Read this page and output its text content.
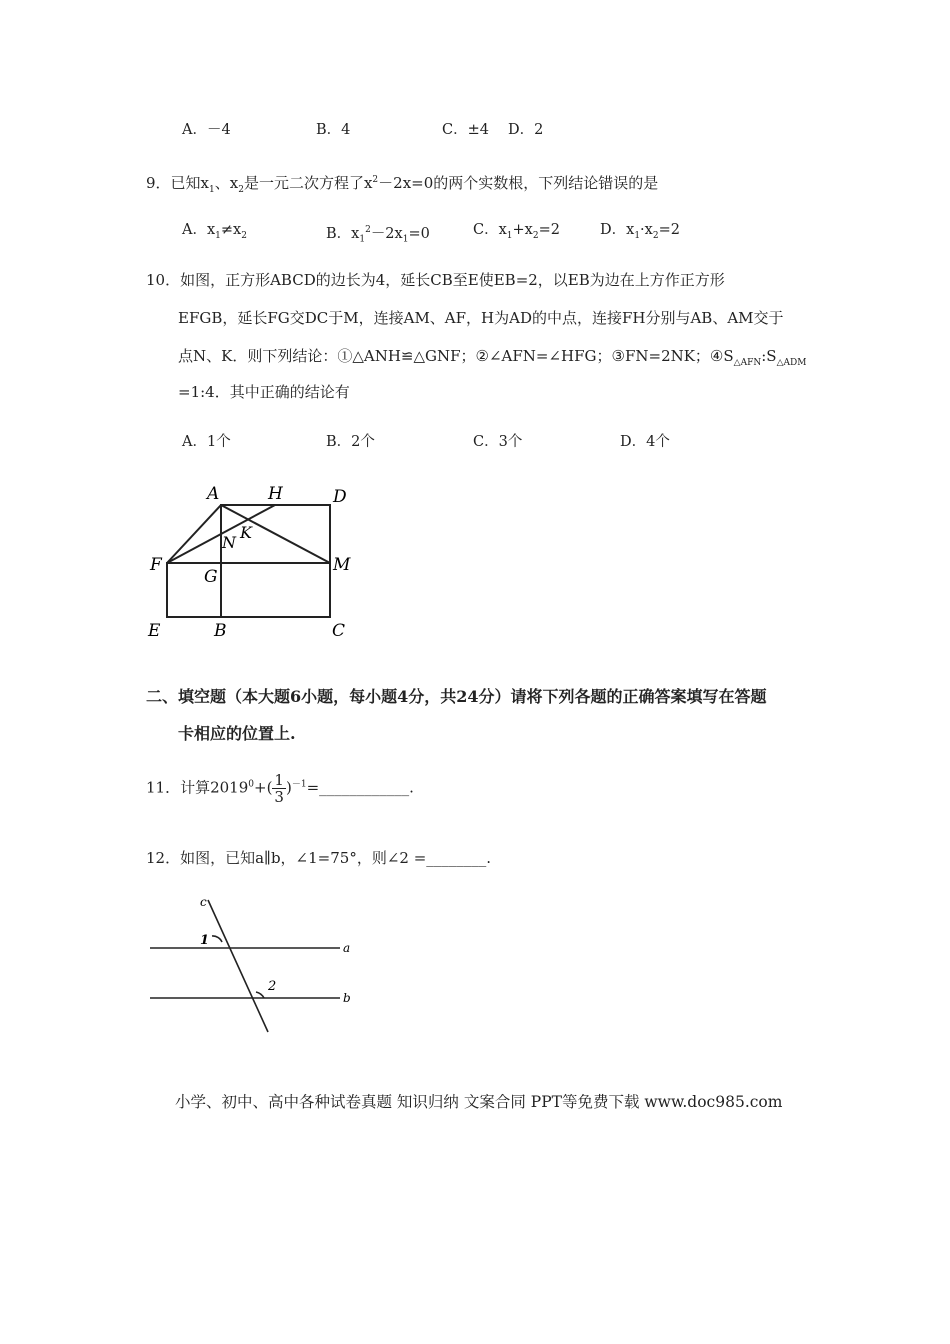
A．－4	B．4	C．±4 D．2
9．已知$x_1$、$x_2$是一元二次方程了$x^2-2x=0$的两个实数根，下列结论错误的是
A．$x_1\ne x_2$	B．$x_1^2-2x_1=0$	C．$x_1+x_2=2$	D．$x_1\cdot x_2=2$
10．如图，正方形ABCD的边长为4，延长CB至E使EB=2，以EB为边在上方作正方形
EFGB，延长FG交DC于M，连接AM、AF，H为AD的中点，连接FH分别与AB、AM交于
点N、K．则下列结论：①△ANH≌△GNF；②∠AFN=∠HFG；③FN=2NK；$④S_{\triangle AFN}:S_{\triangle ADM}$
=1:4．其中正确的结论有
A．1个	B．2个	C．3个	D．4个
A	H	D
K
N
F
G
M
E	B	C
二、填空题（本大题6小题，每小题4分，共24分）请将下列各题的正确答案填写在答题
卡相应的位置上.
11．计算$2019^0+( \frac{1}{3}$ )$^{-1}=\_\_\_\_\_\_\_\_\_\_\_\_$.
12．如图，已知a∥b，∠1=75°，则∠2 =________.
c
a
b
1
2
小学、初中、高中各种试卷真题 知识归纳 文案合同 PPT等免费下载 www.doc985.com
